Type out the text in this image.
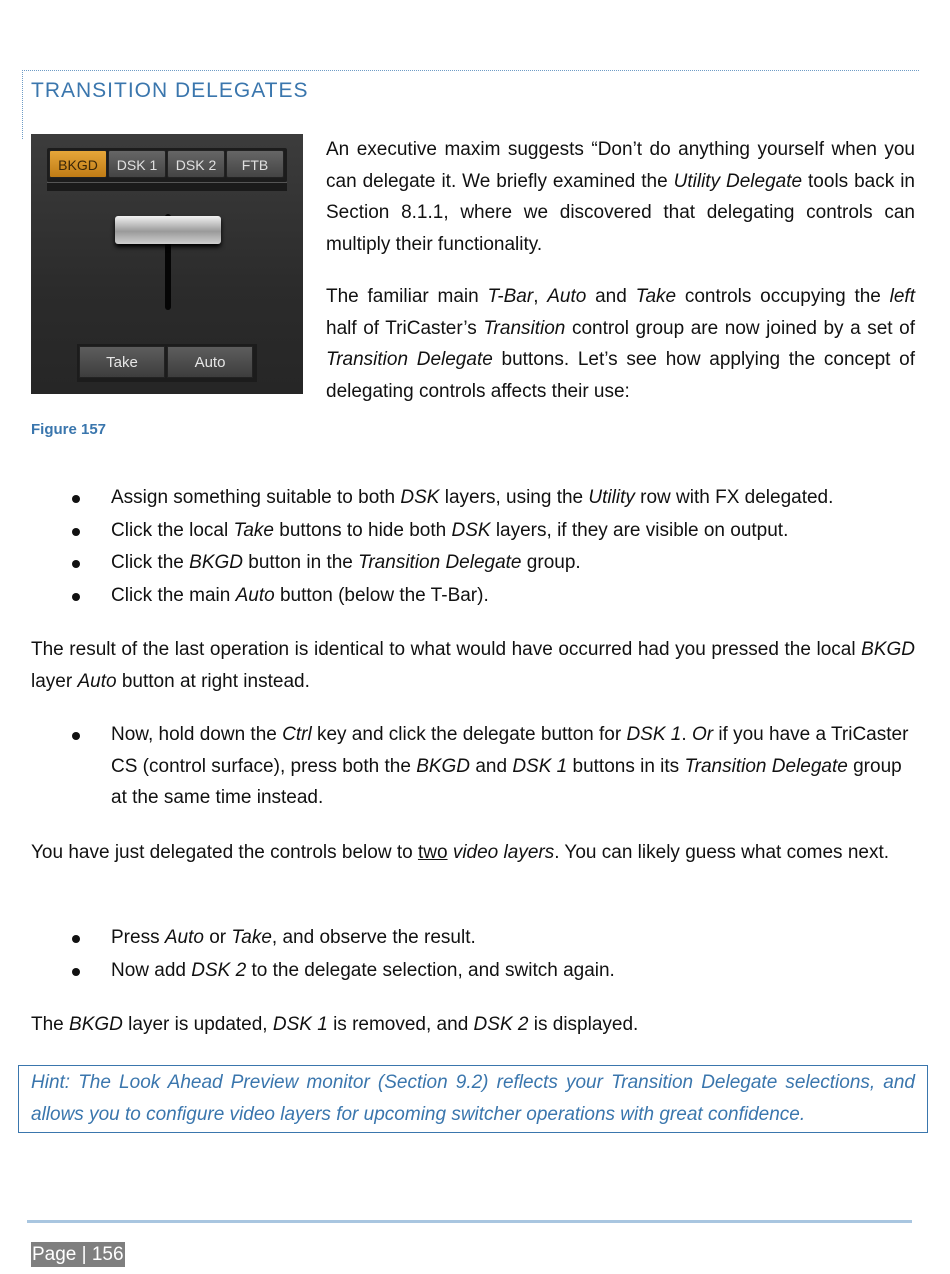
TRANSITION DELEGATES
BKGD	DSK 1	DSK 2	FTB
Take	Auto
Figure 157

An executive maxim suggests “Don’t do anything yourself when you can delegate it. We briefly examined the Utility Delegate tools back in Section 8.1.1, where we discovered that delegating controls can multiply their functionality.

The familiar main T-Bar, Auto and Take controls occupying the left half of TriCaster’s Transition control group are now joined by a set of Transition Delegate buttons. Let’s see how applying the concept of delegating controls affects their use:

Assign something suitable to both DSK layers, using the Utility row with FX delegated.
Click the local Take buttons to hide both DSK layers, if they are visible on output.
Click the BKGD button in the Transition Delegate group.
Click the main Auto button (below the T-Bar).

The result of the last operation is identical to what would have occurred had you pressed the local BKGD layer Auto button at right instead.

Now, hold down the Ctrl key and click the delegate button for DSK 1. Or if you have a TriCaster CS (control surface), press both the BKGD and DSK 1 buttons in its Transition Delegate group at the same time instead.

You have just delegated the controls below to two video layers. You can likely guess what comes next.

Press Auto or Take, and observe the result.
Now add DSK 2 to the delegate selection, and switch again.

The BKGD layer is updated, DSK 1 is removed, and DSK 2 is displayed.

Hint: The Look Ahead Preview monitor (Section 9.2) reflects your Transition Delegate selections, and allows you to configure video layers for upcoming switcher operations with great confidence.

Page | 156
